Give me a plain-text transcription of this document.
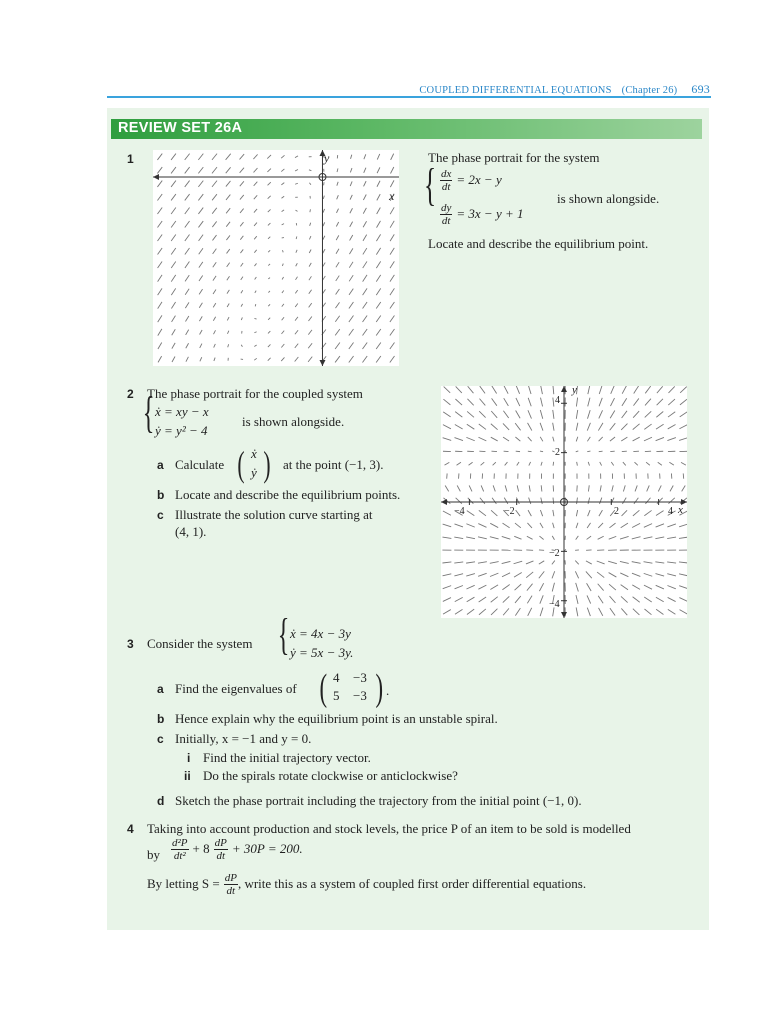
COUPLED DIFFERENTIAL EQUATIONS (Chapter 26) 693
REVIEW SET 26A
1	y
x
The phase portrait for the system
{ $\frac{dx}{dt} = 2x - y$
$\frac{dy}{dt} = 3x - y + 1$
is shown alongside.
Locate and describe the equilibrium point.
2 The phase portrait for the coupled system
{ ẋ = xy − x
ẏ = y² − 4
is shown alongside.
a Calculate ( ẋ
ẏ ) at the point (−1, 3).
b Locate and describe the equilibrium points.
c Illustrate the solution curve starting at
(4, 1).
y
x
4
2
−2
−4
−4	−2	2	4
3 Consider the system { ẋ = 4x − 3y
ẏ = 5x − 3y.
a Find the eigenvalues of ( 4 −3
5 −3 ) .
b Hence explain why the equilibrium point is an unstable spiral.
c Initially, x = −1 and y = 0.
i Find the initial trajectory vector.
ii Do the spirals rotate clockwise or anticlockwise?
d Sketch the phase portrait including the trajectory from the initial point (−1, 0).
4 Taking into account production and stock levels, the price P of an item to be sold is modelled
by $\frac{\text{d²P}}{\text{dt²}} + 8 \frac{dP}{dt} + 30P = 200$.
By letting $S = \frac{dP}{dt}$ , write this as a system of coupled first order differential equations.
